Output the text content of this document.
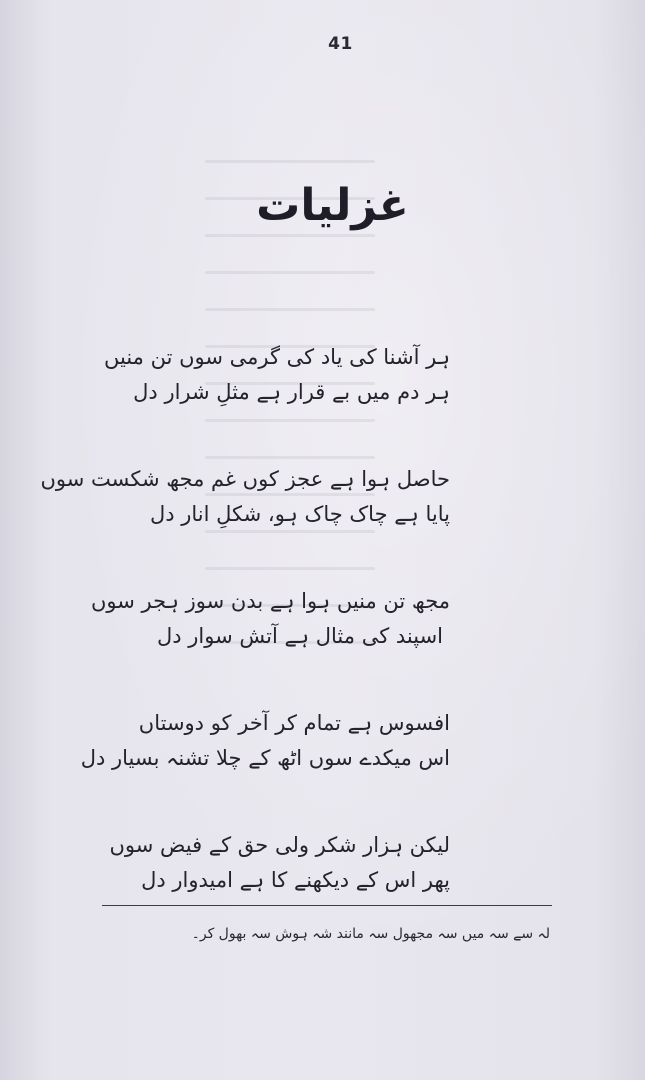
41
غزلیات
ہر آشنا کی یاد کی گرمی سوں تن منیں
ہر دم میں بے قرار ہے مثلِ شرار دل
حاصل ہوا ہے عجز کوں غم مجھ شکست سوں
پایا ہے چاک چاک ہو، شکلِ انار دل
مجھ تن منیں ہوا ہے بدن سوز ہجر سوں
اسپند کی مثال ہے آتش سوار دل
افسوس ہے تمام کر آخر کو دوستاں
اس میکدے سوں اٹھ کے چلا تشنہ بسیار دل
لیکن ہزار شکر ولی حق کے فیض سوں
پھر اس کے دیکھنے کا ہے امیدوار دل
لہ سے سہ میں سہ مجھول سہ مانند شہ ہوش سہ بھول کر۔
